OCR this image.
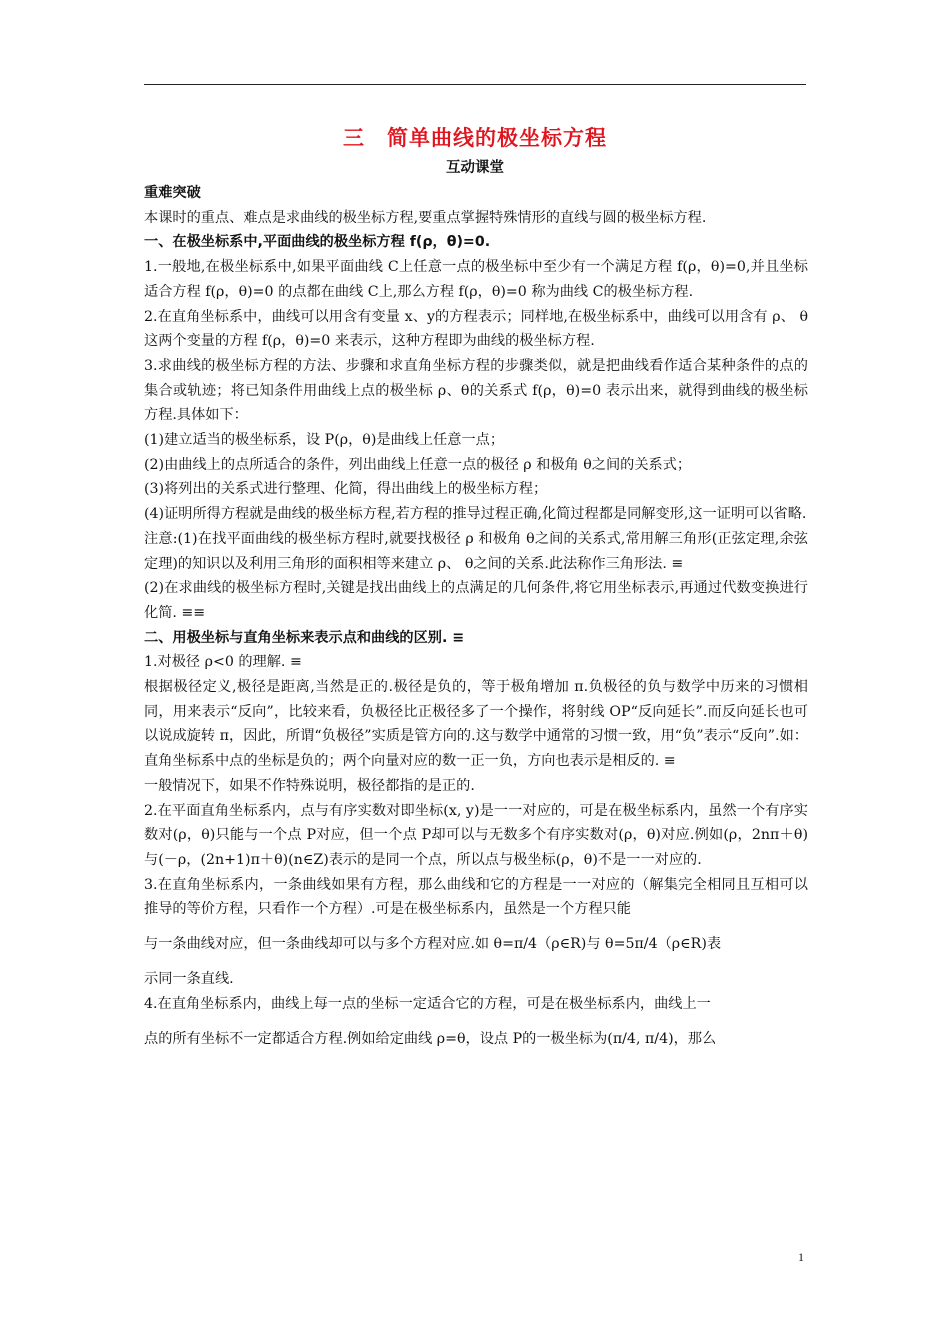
三　简单曲线的极坐标方程
互动课堂

重难突破

本课时的重点、难点是求曲线的极坐标方程,要重点掌握特殊情形的直线与圆的极坐标方程.

一、在极坐标系中,平面曲线的极坐标方程 f(ρ，θ)=0.

1.一般地,在极坐标系中,如果平面曲线 C上任意一点的极坐标中至少有一个满足方程 f(ρ，θ)=0,并且坐标适合方程 f(ρ，θ)=0 的点都在曲线 C上,那么方程 f(ρ，θ)=0 称为曲线 C的极坐标方程.

2.在直角坐标系中，曲线可以用含有变量 x、y的方程表示；同样地,在极坐标系中，曲线可以用含有 ρ、 θ这两个变量的方程 f(ρ，θ)=0 来表示，这种方程即为曲线的极坐标方程.

3.求曲线的极坐标方程的方法、步骤和求直角坐标方程的步骤类似，就是把曲线看作适合某种条件的点的集合或轨迹；将已知条件用曲线上点的极坐标 ρ、θ的关系式 f(ρ，θ)=0 表示出来，就得到曲线的极坐标方程.具体如下：

(1)建立适当的极坐标系，设 P(ρ，θ)是曲线上任意一点；

(2)由曲线上的点所适合的条件，列出曲线上任意一点的极径 ρ 和极角 θ之间的关系式；

(3)将列出的关系式进行整理、化简，得出曲线上的极坐标方程；

(4)证明所得方程就是曲线的极坐标方程,若方程的推导过程正确,化简过程都是同解变形,这一证明可以省略.

注意:(1)在找平面曲线的极坐标方程时,就要找极径 ρ 和极角 θ之间的关系式,常用解三角形(正弦定理,余弦定理)的知识以及利用三角形的面积相等来建立 ρ、 θ之间的关系.此法称作三角形法. ≡

(2)在求曲线的极坐标方程时,关键是找出曲线上的点满足的几何条件,将它用坐标表示,再通过代数变换进行化简. ≡≡

二、用极坐标与直角坐标来表示点和曲线的区别. ≡

1.对极径 ρ<0 的理解. ≡

根据极径定义,极径是距离,当然是正的.极径是负的，等于极角增加 π.负极径的负与数学中历来的习惯相同，用来表示“反向”，比较来看，负极径比正极径多了一个操作，将射线 OP“反向延长”.而反向延长也可以说成旋转 π，因此，所谓“负极径”实质是管方向的.这与数学中通常的习惯一致，用“负”表示“反向”.如：直角坐标系中点的坐标是负的；两个向量对应的数一正一负，方向也表示是相反的. ≡

一般情况下，如果不作特殊说明，极径都指的是正的.

2.在平面直角坐标系内，点与有序实数对即坐标(x, y)是一一对应的，可是在极坐标系内，虽然一个有序实数对(ρ，θ)只能与一个点 P对应，但一个点 P却可以与无数多个有序实数对(ρ，θ)对应.例如(ρ，2nπ＋θ)与(－ρ，(2n+1)π＋θ)(n∈Z)表示的是同一个点，所以点与极坐标(ρ，θ)不是一一对应的.

3.在直角坐标系内，一条曲线如果有方程，那么曲线和它的方程是一一对应的（解集完全相同且互相可以推导的等价方程，只看作一个方程）.可是在极坐标系内，虽然是一个方程只能

与一条曲线对应，但一条曲线却可以与多个方程对应.如 θ=π/4（ρ∈R)与 θ=5π/4（ρ∈R)表

示同一条直线.

4.在直角坐标系内，曲线上每一点的坐标一定适合它的方程，可是在极坐标系内，曲线上一

点的所有坐标不一定都适合方程.例如给定曲线 ρ=θ，设点 P的一极坐标为(π/4, π/4)，那么

1
